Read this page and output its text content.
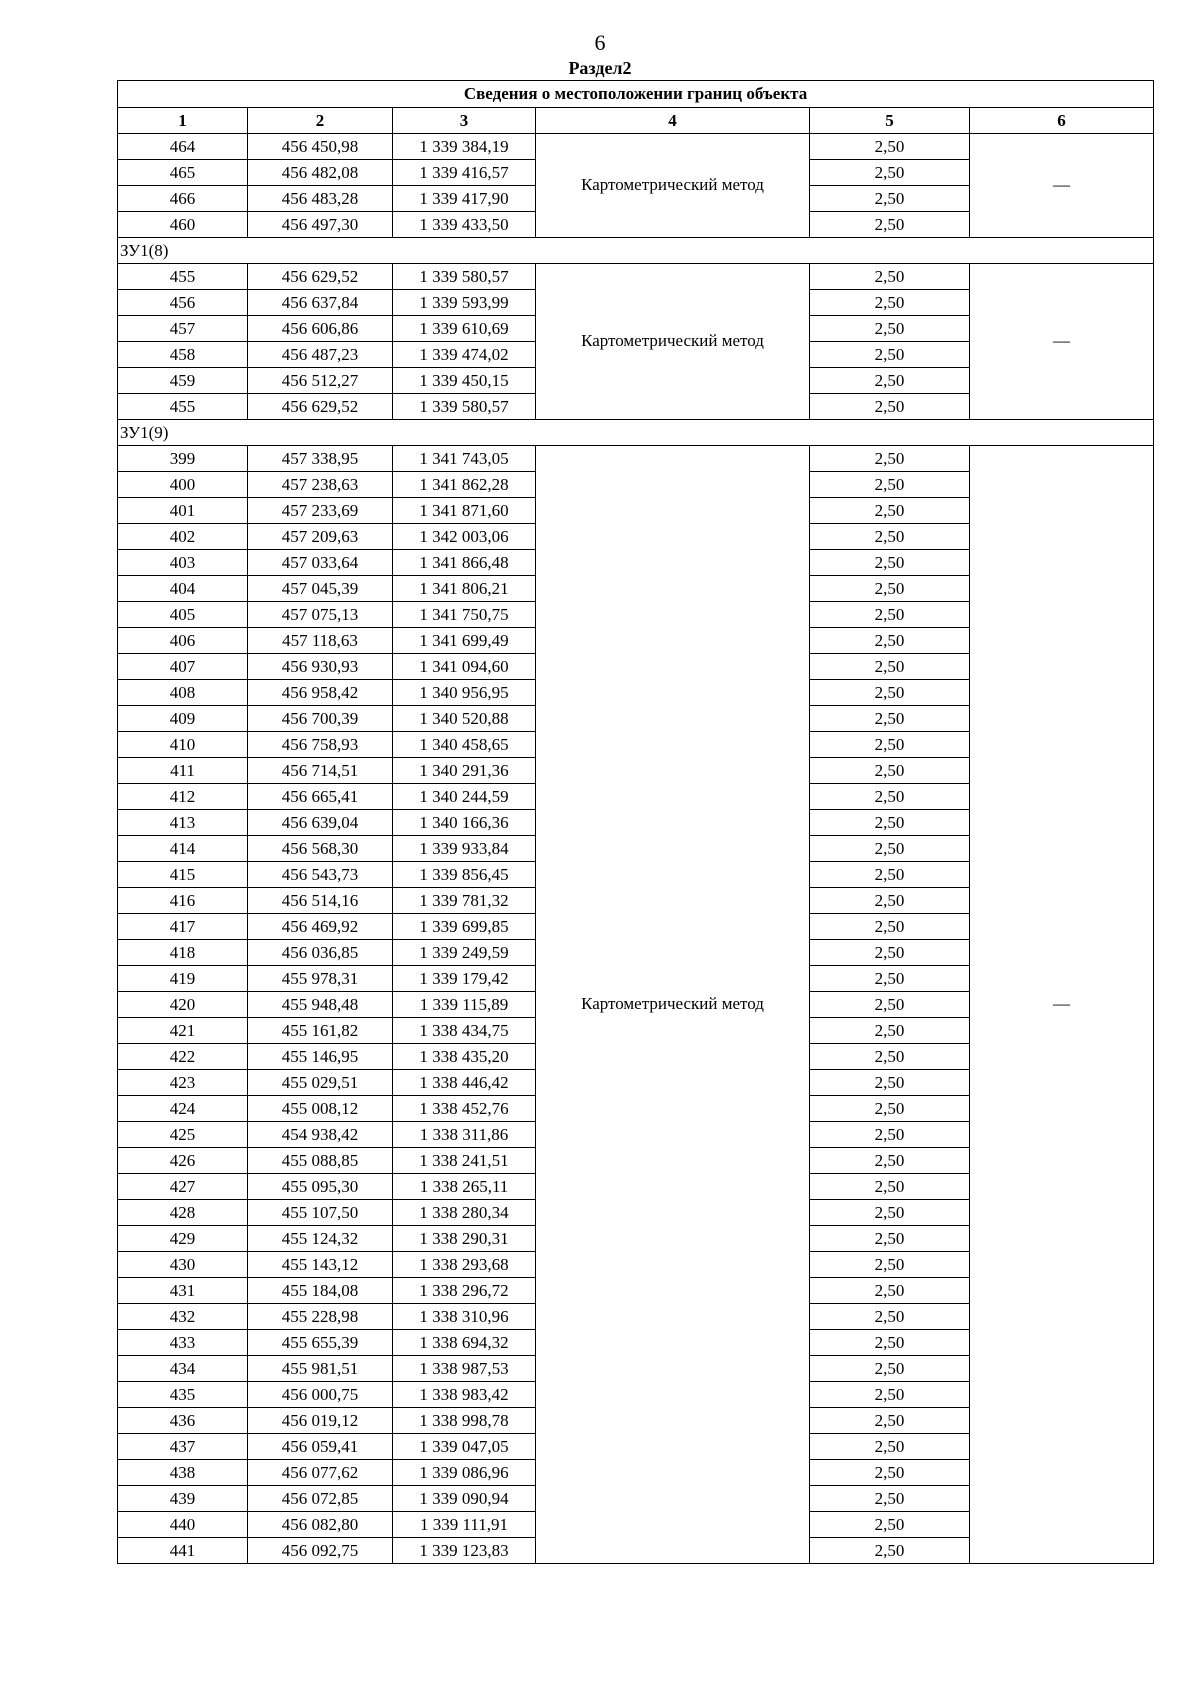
6
Раздел2
Сведения о местоположении границ объекта					
1	2	3	4	5	6
464	456 450,98	1 339 384,19	Картометрический метод	2,50	—
465	456 482,08	1 339 416,57		2,50	
466	456 483,28	1 339 417,90		2,50	
460	456 497,30	1 339 433,50		2,50	
ЗУ1(8)					
455	456 629,52	1 339 580,57	Картометрический метод	2,50	—
456	456 637,84	1 339 593,99		2,50	
457	456 606,86	1 339 610,69		2,50	
458	456 487,23	1 339 474,02		2,50	
459	456 512,27	1 339 450,15		2,50	
455	456 629,52	1 339 580,57		2,50	
ЗУ1(9)					
399	457 338,95	1 341 743,05	Картометрический метод	2,50	—
400	457 238,63	1 341 862,28		2,50	
401	457 233,69	1 341 871,60		2,50	
402	457 209,63	1 342 003,06		2,50	
403	457 033,64	1 341 866,48		2,50	
404	457 045,39	1 341 806,21		2,50	
405	457 075,13	1 341 750,75		2,50	
406	457 118,63	1 341 699,49		2,50	
407	456 930,93	1 341 094,60		2,50	
408	456 958,42	1 340 956,95		2,50	
409	456 700,39	1 340 520,88		2,50	
410	456 758,93	1 340 458,65		2,50	
411	456 714,51	1 340 291,36		2,50	
412	456 665,41	1 340 244,59		2,50	
413	456 639,04	1 340 166,36		2,50	
414	456 568,30	1 339 933,84		2,50	
415	456 543,73	1 339 856,45		2,50	
416	456 514,16	1 339 781,32		2,50	
417	456 469,92	1 339 699,85		2,50	
418	456 036,85	1 339 249,59		2,50	
419	455 978,31	1 339 179,42		2,50	
420	455 948,48	1 339 115,89		2,50	
421	455 161,82	1 338 434,75		2,50	
422	455 146,95	1 338 435,20		2,50	
423	455 029,51	1 338 446,42		2,50	
424	455 008,12	1 338 452,76		2,50	
425	454 938,42	1 338 311,86		2,50	
426	455 088,85	1 338 241,51		2,50	
427	455 095,30	1 338 265,11		2,50	
428	455 107,50	1 338 280,34		2,50	
429	455 124,32	1 338 290,31		2,50	
430	455 143,12	1 338 293,68		2,50	
431	455 184,08	1 338 296,72		2,50	
432	455 228,98	1 338 310,96		2,50	
433	455 655,39	1 338 694,32		2,50	
434	455 981,51	1 338 987,53		2,50	
435	456 000,75	1 338 983,42		2,50	
436	456 019,12	1 338 998,78		2,50	
437	456 059,41	1 339 047,05		2,50	
438	456 077,62	1 339 086,96		2,50	
439	456 072,85	1 339 090,94		2,50	
440	456 082,80	1 339 111,91		2,50	
441	456 092,75	1 339 123,83		2,50	
